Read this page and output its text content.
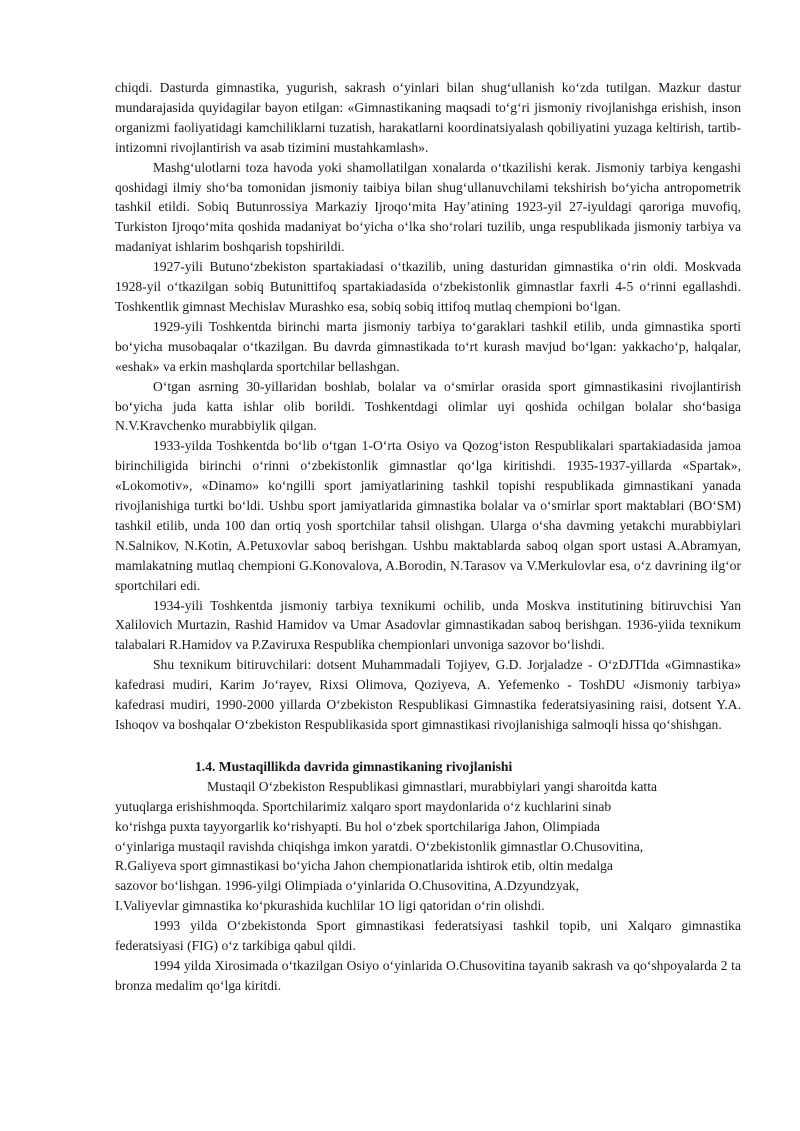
chiqdi. Dasturda gimnastika, yugurish, sakrash o‘yinlari bilan shug‘ullanish ko‘zda tutilgan. Mazkur dastur mundarajasida quyidagilar bayon etilgan: «Gimnastikaning maqsadi to‘g‘ri jismoniy rivojlanishga erishish, inson organizmi faoliyatidagi kamchiliklarni tuzatish, harakatlarni koordinatsiyalash qobiliyatini yuzaga keltirish, tartib-intizomni rivojlantirish va asab tizimini mustahkamlash».

Mashg‘ulotlarni toza havoda yoki shamollatilgan xonalarda o‘tkazilishi kerak. Jismoniy tarbiya kengashi qoshidagi ilmiy sho‘ba tomonidan jismoniy taibiya bilan shug‘ullanuvchilami tekshirish bo‘yicha antropometrik tashkil etildi. Sobiq Butunrossiya Markaziy Ijroqo‘mita Hay’atining 1923-yil 27-iyuldagi qaroriga muvofiq, Turkiston Ijroqo‘mita qoshida madaniyat bo‘yicha o‘lka sho‘rolari tuzilib, unga respublikada jismoniy tarbiya va madaniyat ishlarim boshqarish topshirildi.

1927-yili Butuno‘zbekiston spartakiadasi o‘tkazilib, uning dasturidan gimnastika o‘rin oldi. Moskvada 1928-yil o‘tkazilgan sobiq Butunittifoq spartakiadasida o‘zbekistonlik gimnastlar faxrli 4-5 o‘rinni egallashdi. Toshkentlik gimnast Mechislav Murashko esa, sobiq sobiq ittifoq mutlaq chempioni bo‘lgan.

1929-yili Toshkentda birinchi marta jismoniy tarbiya to‘garaklari tashkil etilib, unda gimnastika sporti bo‘yicha musobaqalar o‘tkazilgan. Bu davrda gimnastikada to‘rt kurash mavjud bo‘lgan: yakkacho‘p, halqalar, «eshak» va erkin mashqlarda sportchilar bellashgan.

O‘tgan asrning 30-yillaridan boshlab, bolalar va o‘smirlar orasida sport gimnastikasini rivojlantirish bo‘yicha juda katta ishlar olib borildi. Toshkentdagi olimlar uyi qoshida ochilgan bolalar sho‘basiga N.V.Kravchenko murabbiylik qilgan.

1933-yilda Toshkentda bo‘lib o‘tgan 1-O‘rta Osiyo va Qozog‘iston Respublikalari spartakiadasida jamoa birinchiligida birinchi o‘rinni o‘zbekistonlik gimnastlar qo‘lga kiritishdi. 1935-1937-yillarda «Spartak», «Lokomotiv», «Dinamo» ko‘ngilli sport jamiyatlarining tashkil topishi respublikada gimnastikani yanada rivojlanishiga turtki bo‘ldi. Ushbu sport jamiyatlarida gimnastika bolalar va o‘smirlar sport maktablari (BO‘SM) tashkil etilib, unda 100 dan ortiq yosh sportchilar tahsil olishgan. Ularga o‘sha davming yetakchi murabbiylari N.Salnikov, N.Kotin, A.Petuxovlar saboq berishgan. Ushbu maktablarda saboq olgan sport ustasi A.Abramyan, mamlakatning mutlaq chempioni G.Konovalova, A.Borodin, N.Tarasov va V.Merkulovlar esa, o‘z davrining ilg‘or sportchilari edi.

1934-yili Toshkentda jismoniy tarbiya texnikumi ochilib, unda Moskva institutining bitiruvchisi Yan Xalilovich Murtazin, Rashid Hamidov va Umar Asadovlar gimnastikadan saboq berishgan. 1936-yiida texnikum talabalari R.Hamidov va P.Zaviruxa Respublika chempionlari unvoniga sazovor bo‘lishdi.

Shu texnikum bitiruvchilari: dotsent Muhammadali Tojiyev, G.D. Jorjaladze - O‘zDJTIda «Gimnastika» kafedrasi mudiri, Karim Jo‘rayev, Rixsi Olimova, Qoziyeva, A. Yefemenko - ToshDU «Jismoniy tarbiya» kafedrasi mudiri, 1990-2000 yillarda O‘zbekiston Respublikasi Gimnastika federatsiyasining raisi, dotsent Y.A. Ishoqov va boshqalar O‘zbekiston Respublikasida sport gimnastikasi rivojlanishiga salmoqli hissa qo‘shishgan.

1.4. Mustaqillikda davrida gimnastikaning rivojlanishi

Mustaqil O‘zbekiston Respublikasi gimnastlari, murabbiylari yangi sharoitda katta
yutuqlarga erishishmoqda. Sportchilarimiz xalqaro sport maydonlarida o‘z kuchlarini sinab
ko‘rishga puxta tayyorgarlik ko‘rishyapti. Bu hol o‘zbek sportchilariga Jahon, Olimpiada
o‘yinlariga mustaqil ravishda chiqishga imkon yaratdi. O‘zbekistonlik gimnastlar O.Chusovitina,
R.Galiyeva sport gimnastikasi bo‘yicha Jahon chempionatlarida ishtirok etib, oltin medalga
sazovor bo‘lishgan. 1996-yilgi Olimpiada o‘yinlarida O.Chusovitina, A.Dzyundzyak,
I.Valiyevlar gimnastika ko‘pkurashida kuchlilar 1O ligi qatoridan o‘rin olishdi.

1993 yilda O‘zbekistonda Sport gimnastikasi federatsiyasi tashkil topib, uni Xalqaro gimnastika federatsiyasi (FIG) o‘z tarkibiga qabul qildi.

1994 yilda Xirosimada o‘tkazilgan Osiyo o‘yinlarida O.Chusovitina tayanib sakrash va qo‘shpoyalarda 2 ta bronza medalim qo‘lga kiritdi.
